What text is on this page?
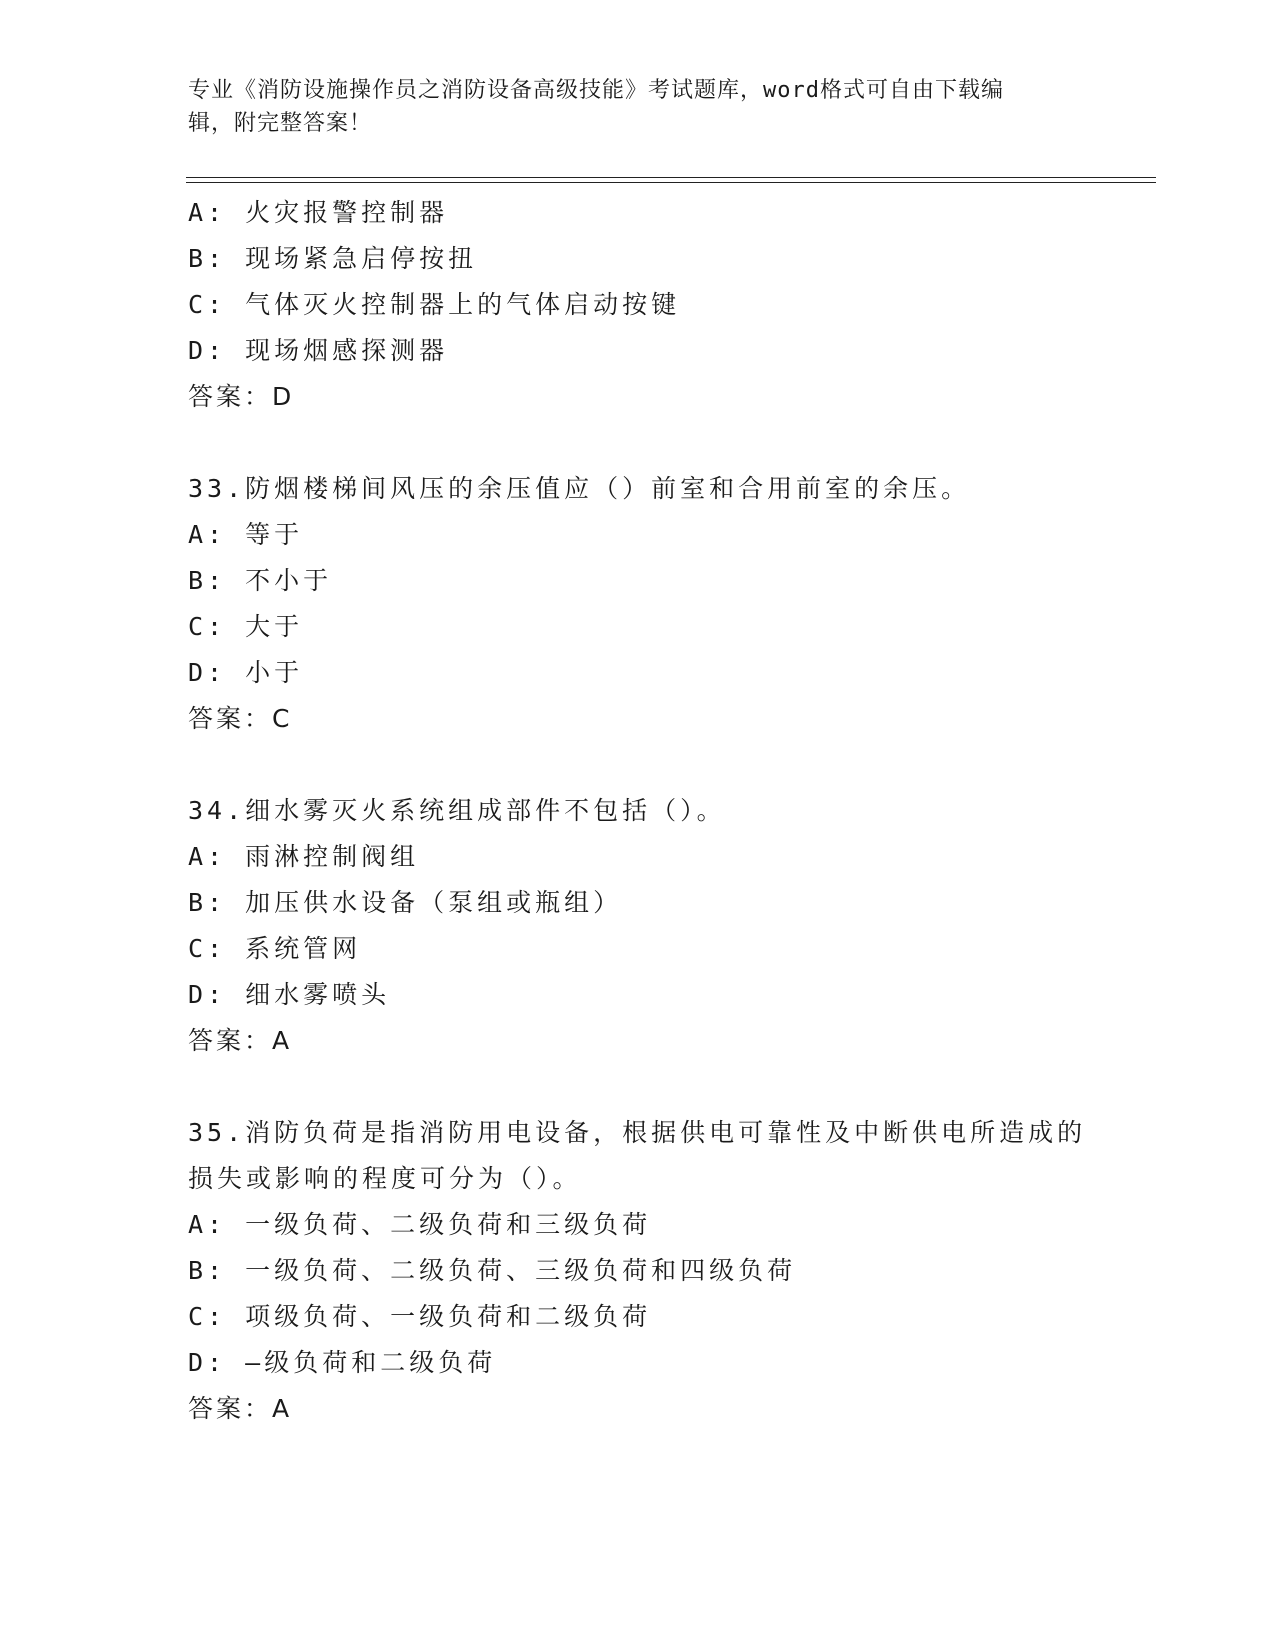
专业《消防设施操作员之消防设备高级技能》考试题库，word格式可自由下载编
辑，附完整答案！
A: 火灾报警控制器
B: 现场紧急启停按扭
C: 气体灭火控制器上的气体启动按键
D: 现场烟感探测器
答案：D
33.防烟楼梯间风压的余压值应（）前室和合用前室的余压。
A: 等于
B: 不小于
C: 大于
D: 小于
答案：C
34.细水雾灭火系统组成部件不包括（）。
A: 雨淋控制阀组
B: 加压供水设备（泵组或瓶组）
C: 系统管网
D: 细水雾喷头
答案：A
35.消防负荷是指消防用电设备，根据供电可靠性及中断供电所造成的
损失或影响的程度可分为（）。
A: 一级负荷、二级负荷和三级负荷
B: 一级负荷、二级负荷、三级负荷和四级负荷
C: 项级负荷、一级负荷和二级负荷
D: —级负荷和二级负荷
答案：A
